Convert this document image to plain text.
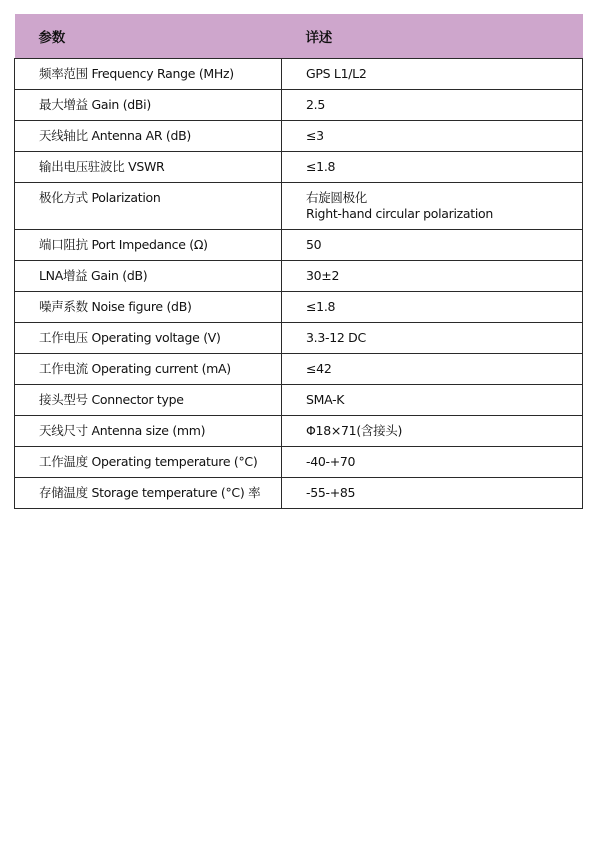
参数	详述
频率范围 Frequency Range (MHz)	GPS L1/L2

最大增益 Gain (dBi)	2.5

天线轴比 Antenna AR (dB)	≤3

输出电压驻波比 VSWR	≤1.8

极化方式 Polarization	右旋圆极化
Right-hand circular polarization

端口阻抗 Port Impedance (Ω)	50

LNA增益 Gain (dB)	30±2

噪声系数 Noise figure (dB)	≤1.8

工作电压 Operating voltage (V)	3.3-12 DC

工作电流 Operating current (mA)	≤42

接头型号 Connector type	SMA-K

天线尺寸 Antenna size (mm)	Φ18×71(含接头)

工作温度 Operating temperature (°C)	-40-+70

存储温度 Storage temperature (°C) 率	-55-+85
